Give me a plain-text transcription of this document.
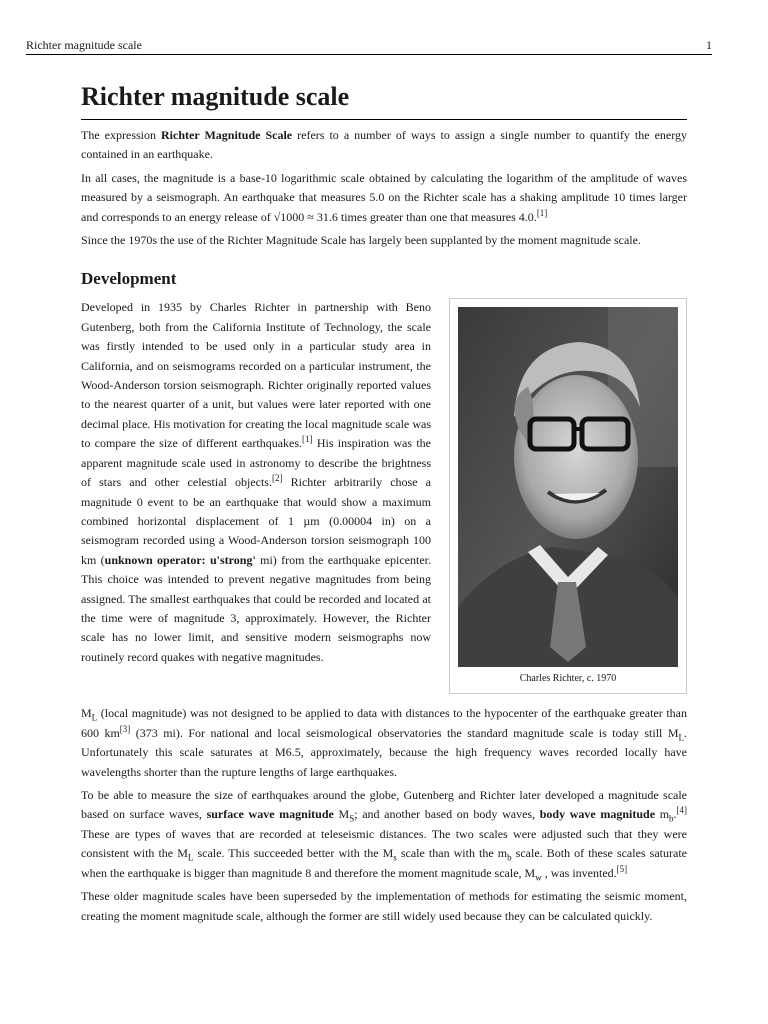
Richter magnitude scale	1
Richter magnitude scale

The expression Richter Magnitude Scale refers to a number of ways to assign a single number to quantify the energy contained in an earthquake.

In all cases, the magnitude is a base-10 logarithmic scale obtained by calculating the logarithm of the amplitude of waves measured by a seismograph. An earthquake that measures 5.0 on the Richter scale has a shaking amplitude 10 times larger and corresponds to an energy release of √1000 ≈ 31.6 times greater than one that measures 4.0.[1]

Since the 1970s the use of the Richter Magnitude Scale has largely been supplanted by the moment magnitude scale.

Development
Charles Richter, c. 1970

Developed in 1935 by Charles Richter in partnership with Beno Gutenberg, both from the California Institute of Technology, the scale was firstly intended to be used only in a particular study area in California, and on seismograms recorded on a particular instrument, the Wood-Anderson torsion seismograph. Richter originally reported values to the nearest quarter of a unit, but values were later reported with one decimal place. His motivation for creating the local magnitude scale was to compare the size of different earthquakes.[1] His inspiration was the apparent magnitude scale used in astronomy to describe the brightness of stars and other celestial objects.[2] Richter arbitrarily chose a magnitude 0 event to be an earthquake that would show a maximum combined horizontal displacement of 1 µm (0.00004 in) on a seismogram recorded using a Wood-Anderson torsion seismograph 100 km (unknown operator: u'strong' mi) from the earthquake epicenter. This choice was intended to prevent negative magnitudes from being assigned. The smallest earthquakes that could be recorded and located at the time were of magnitude 3, approximately. However, the Richter scale has no lower limit, and sensitive modern seismographs now routinely record quakes with negative magnitudes.

$M_L$ (local magnitude) was not designed to be applied to data with distances to the hypocenter of the earthquake greater than 600 km[3] (373 mi). For national and local seismological observatories the standard magnitude scale is today still $M_L$. Unfortunately this scale saturates at M6.5, approximately, because the high frequency waves recorded locally have wavelengths shorter than the rupture lengths of large earthquakes.

To be able to measure the size of earthquakes around the globe, Gutenberg and Richter later developed a magnitude scale based on surface waves, surface wave magnitude $M_S$; and another based on body waves, body wave magnitude $m_b.[4]$ These are types of waves that are recorded at teleseismic distances. The two scales were adjusted such that they were consistent with the $M_L$ scale. This succeeded better with the $M_s$ scale than with the $m_b$ scale. Both of these scales saturate when the earthquake is bigger than magnitude 8 and therefore the moment magnitude scale, $M_w$ , was invented.[5]

These older magnitude scales have been superseded by the implementation of methods for estimating the seismic moment, creating the moment magnitude scale, although the former are still widely used because they can be calculated quickly.
